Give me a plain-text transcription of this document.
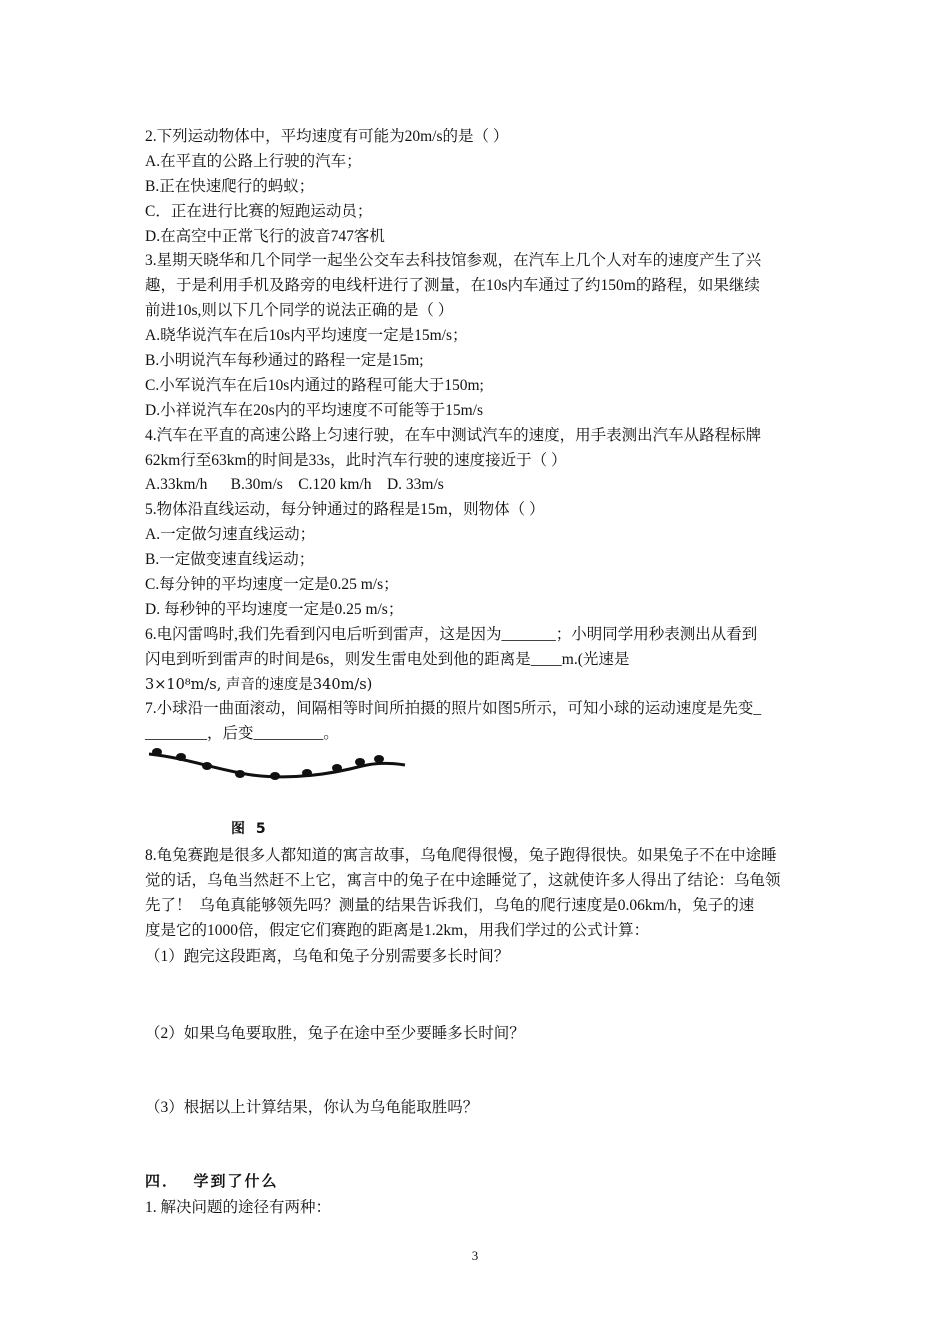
2.下列运动物体中，平均速度有可能为20m/s的是（ ）
A.在平直的公路上行驶的汽车；
B.正在快速爬行的蚂蚁；
C．正在进行比赛的短跑运动员；
D.在高空中正常飞行的波音747客机
3.星期天晓华和几个同学一起坐公交车去科技馆参观，在汽车上几个人对车的速度产生了兴
趣，于是利用手机及路旁的电线杆进行了测量，在10s内车通过了约150m的路程，如果继续
前进10s,则以下几个同学的说法正确的是（ ）
A.晓华说汽车在后10s内平均速度一定是15m/s；
B.小明说汽车每秒通过的路程一定是15m;
C.小军说汽车在后10s内通过的路程可能大于150m;
D.小祥说汽车在20s内的平均速度不可能等于15m/s
4.汽车在平直的高速公路上匀速行驶，在车中测试汽车的速度，用手表测出汽车从路程标牌
62km行至63km的时间是33s，此时汽车行驶的速度接近于（ ）
A.33km/h      B.30m/s    C.120 km/h    D. 33m/s
5.物体沿直线运动，每分钟通过的路程是15m，则物体（ ）
A.一定做匀速直线运动；
B.一定做变速直线运动；
C.每分钟的平均速度一定是0.25 m/s；
D. 每秒钟的平均速度一定是0.25 m/s；
6.电闪雷鸣时,我们先看到闪电后听到雷声，这是因为_______；小明同学用秒表测出从看到
闪电到听到雷声的时间是6s，则发生雷电处到他的距离是____m.(光速是
3×10⁸m/s, 声音的速度是340m/s)
7.小球沿一曲面滚动，间隔相等时间所拍摄的照片如图5所示，可知小球的运动速度是先变_
________，后变_________。
图 5
8.龟兔赛跑是很多人都知道的寓言故事，乌龟爬得很慢，兔子跑得很快。如果兔子不在中途睡
觉的话，乌龟当然赶不上它，寓言中的兔子在中途睡觉了，这就使许多人得出了结论：乌龟领
先了！  乌龟真能够领先吗？测量的结果告诉我们，乌龟的爬行速度是0.06km/h，兔子的速
度是它的1000倍，假定它们赛跑的距离是1.2km，用我们学过的公式计算：
（1）跑完这段距离，乌龟和兔子分别需要多长时间？
（2）如果乌龟要取胜，兔子在途中至少要睡多长时间？
（3）根据以上计算结果，你认为乌龟能取胜吗？
四．  学到了什么
1. 解决问题的途径有两种：
3
